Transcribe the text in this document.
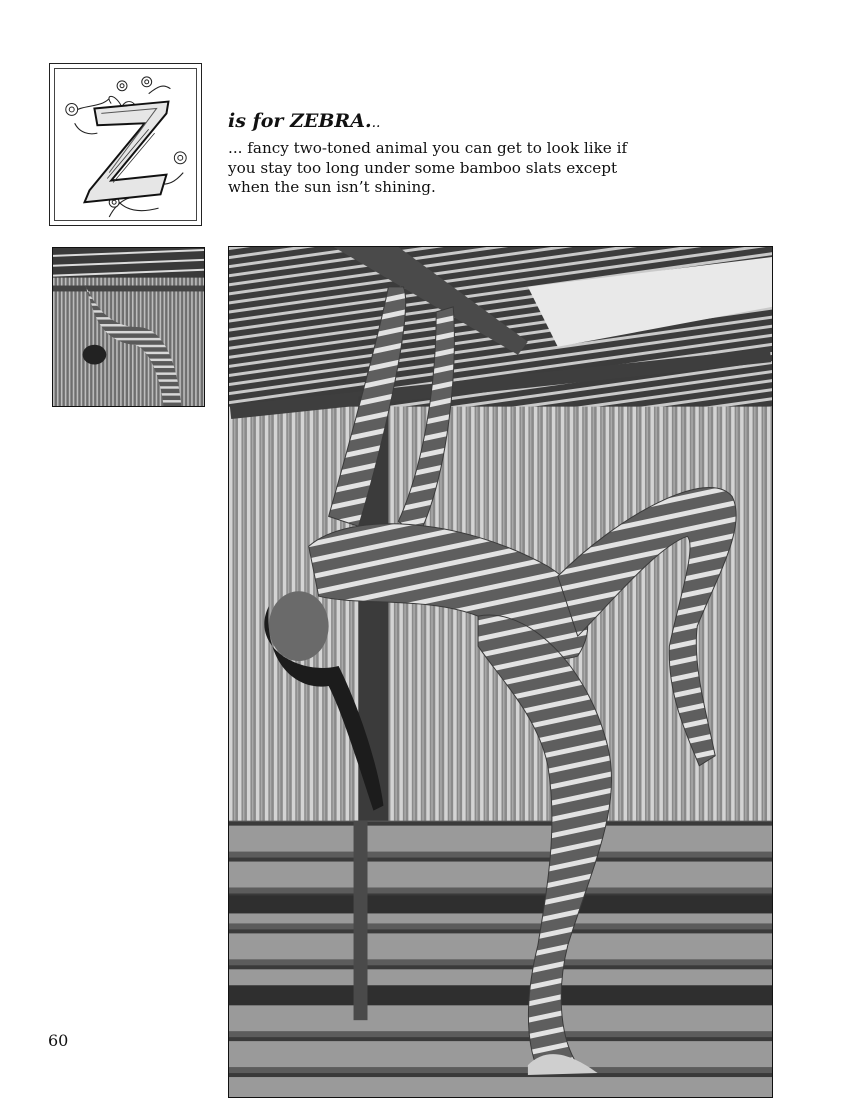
is for ZEBRA...

... fancy two-toned animal you can get to look like if you stay too long under some bamboo slats except when the sun isn’t shining.

60
